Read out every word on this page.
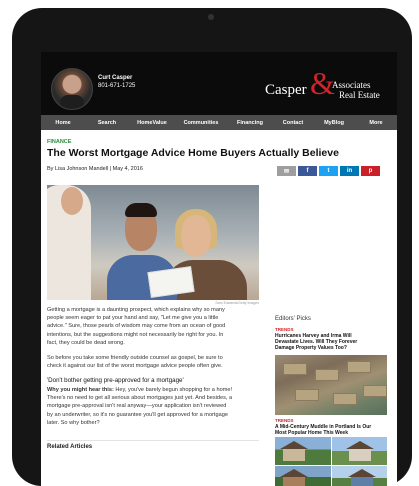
Curt Casper
801-671-1725	Casper &
Associates
Real Estate
Home	Search	HomeValue	Communities	Financing	Contact	MyBlog	More
FINANCE
The Worst Mortgage Advice Home Buyers Actually Believe
By Lisa Johnson Mandell | May 4, 2016	✉	f	t	in	p
Sam Edwards/Getty Images
Getting a mortgage is a daunting prospect, which explains why so many
people seem eager to pat your hand and say, "Let me give you a little
advice." Sure, those pearls of wisdom may come from an ocean of good
intentions, but the suggestions might not necessarily be right for you. In
fact, they could be dead wrong.
So before you take some friendly outside counsel as gospel, be sure to
check it against our list of the worst mortgage advice people often give.
'Don't bother getting pre-approved for a mortgage'
Why you might hear this: Hey, you've barely begun shopping for a home!
There's no need to get all serious about mortgages just yet. And besides, a
mortgage pre-approval isn't real anyway—your application isn't reviewed
by an underwriter, so it's no guarantee you'll get approved for a mortgage
later. So why bother?
Related Articles
Editors' Picks
TRENDS
Hurricanes Harvey and Irma Will
Devastate Lives. Will They Forever
Damage Property Values Too?
TRENDS
A Mid-Century Muddle in Portland Is Our
Most Popular Home This Week
